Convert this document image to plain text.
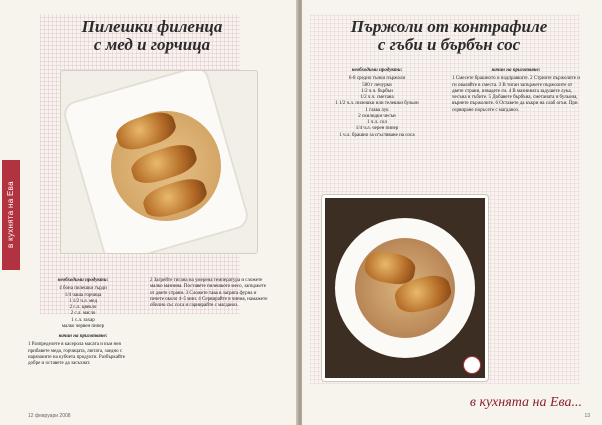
Пилешки филенца
с мед и горчица
в кухнята на Ева
необходими продукти:

4 бона пилешки гърди

1/4 чаша горчица

1 1/2 ч.л. мед

2 с.л. цвекло

2 с.л. масло

1 с.л. захар

малко червен пипер

начин на приготвяне:
1 Разпределете в касерола масата и към нея прибавете меда, горчицата, лютата, заедно с нарязаните на кубчета продукти. Разбъркайте добре и оставете да засъхнат.
2 Загрейте тигана на умерена температура и сложете малко мазнина. Поставете пилешкото месо, запържете от двете страни. 3 Сложете тава в загрята фурна и печете около 4–5 мин. 4 Сервирайте в чиния, намажете обилно със соса и гарнирайте с магданоз.
12 февруари 2008
Пържоли от контрафиле
с гъби и бърбън сос
необходими продукти:

6-8 средно тънки пържоли

500 г печурки

1/2 ч.ч. бърбън

1/2 ч.ч. сметана

1 1/2 ч.л. пилешки или телешки бульон

1 глава лук

2 скилидки чесън

1 ч.л. сол

1/4 ч.л. черен пипер

1 ч.л. брашно за сгъстяване на соса

начин на приготвяне:
1 Смесете брашното и подправките. 2 Стриите пържолите и ги оваляйте в сместа. 3 В тиган запържете пържолите от двете страни, извадете ги. 4 В мазнината задушете лука, чесъна и гъбите. 5 Добавете бърбъна, сметаната и бульона, върнете пържолите. 6 Оставете да къкри на слаб огън. При сервиране поръсете с магданоз.
в кухнята на Ева...
13
